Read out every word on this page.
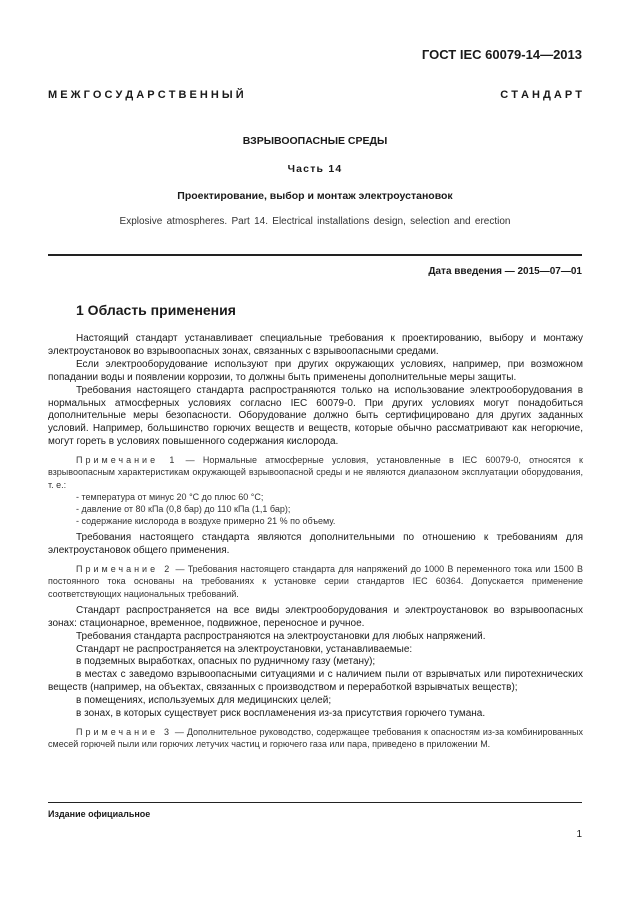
ГОСТ IEC 60079-14—2013
М Е Ж Г О С У Д А Р С Т В Е Н Н Ы Й	С Т А Н Д А Р Т
ВЗРЫВООПАСНЫЕ СРЕДЫ
Часть 14
Проектирование, выбор и монтаж электроустановок
Explosive atmospheres. Part 14. Electrical installations design, selection and erection
Дата введения — 2015—07—01
1 Область применения

Настоящий стандарт устанавливает специальные требования к проектированию, выбору и монтажу электроустановок во взрывоопасных зонах, связанных с взрывоопасными средами.

Если электрооборудование используют при других окружающих условиях, например, при возможном попадании воды и появлении коррозии, то должны быть применены дополнительные меры защиты.

Требования настоящего стандарта распространяются только на использование электрооборудования в нормальных атмосферных условиях согласно IEC 60079-0. При других условиях могут понадобиться дополнительные меры безопасности. Оборудование должно быть сертифицировано для других заданных условий. Например, большинство горючих веществ и веществ, которые обычно рассматривают как негорючие, могут гореть в условиях повышенного содержания кислорода.

Примечание 1 — Нормальные атмосферные условия, установленные в IEC 60079-0, относятся к взрывоопасным характеристикам окружающей взрывоопасной среды и не являются диапазоном эксплуатации оборудования, т. е.:

- температура от минус 20 °С до плюс 60 °С;

- давление от 80 кПа (0,8 бар) до 110 кПа (1,1 бар);

- содержание кислорода в воздухе примерно 21 % по объему.

Требования настоящего стандарта являются дополнительными по отношению к требованиям для электроустановок общего применения.

Примечание 2 — Требования настоящего стандарта для напряжений до 1000 В переменного тока или 1500 В постоянного тока основаны на требованиях к установке серии стандартов IEC 60364. Допускается применение соответствующих национальных требований.

Стандарт распространяется на все виды электрооборудования и электроустановок во взрывоопасных зонах: стационарное, временное, подвижное, переносное и ручное.

Требования стандарта распространяются на электроустановки для любых напряжений.

Стандарт не распространяется на электроустановки, устанавливаемые:

в подземных выработках, опасных по рудничному газу (метану);

в местах с заведомо взрывоопасными ситуациями и с наличием пыли от взрывчатых или пиротехнических веществ (например, на объектах, связанных с производством и переработкой взрывчатых веществ);

в помещениях, используемых для медицинских целей;

в зонах, в которых существует риск воспламенения из-за присутствия горючего тумана.

Примечание 3 — Дополнительное руководство, содержащее требования к опасностям из-за комбинированных смесей горючей пыли или горючих летучих частиц и горючего газа или пара, приведено в приложении М.

Издание официальное
1
